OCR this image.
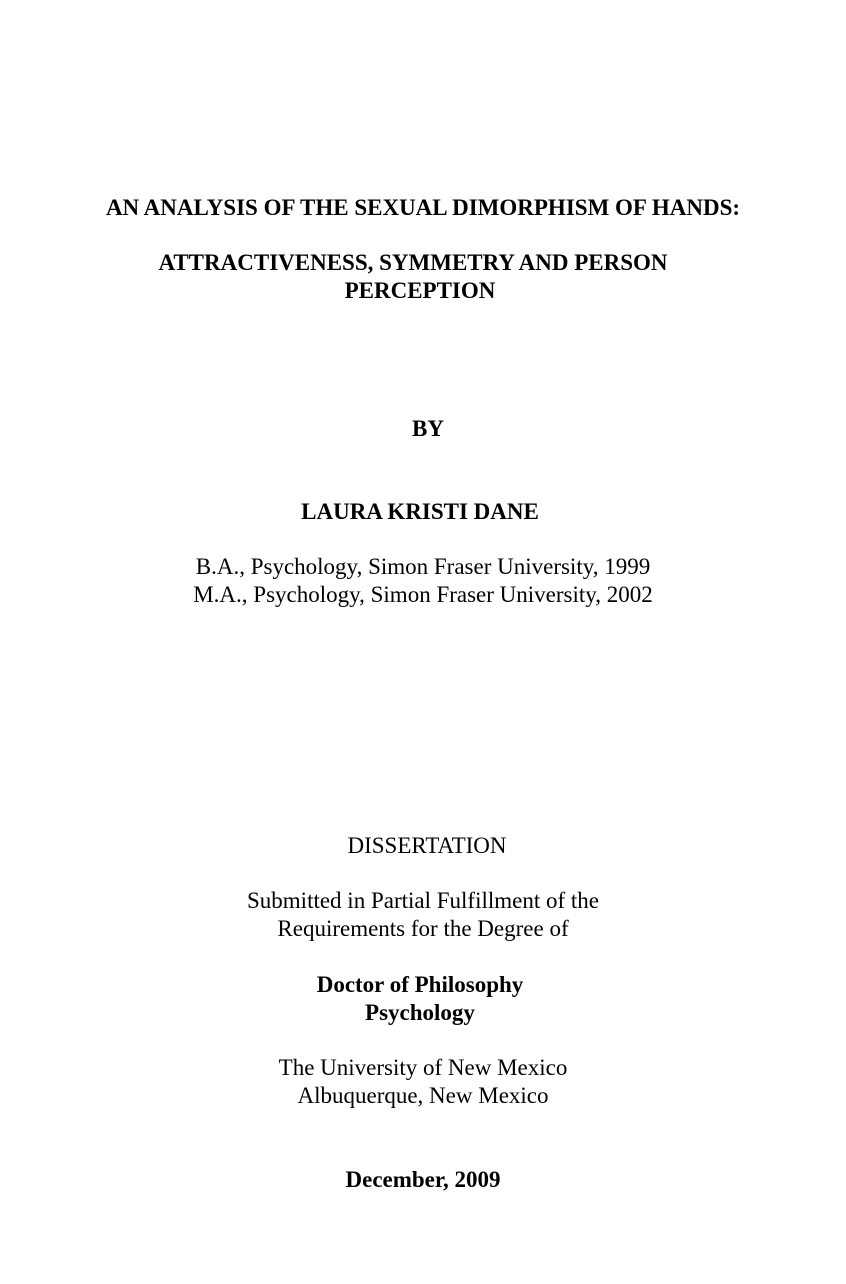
AN ANALYSIS OF THE SEXUAL DIMORPHISM OF HANDS:
ATTRACTIVENESS, SYMMETRY AND PERSON
PERCEPTION
BY
LAURA KRISTI DANE
B.A., Psychology, Simon Fraser University, 1999
M.A., Psychology, Simon Fraser University, 2002
DISSERTATION
Submitted in Partial Fulfillment of the
Requirements for the Degree of
Doctor of Philosophy
Psychology
The University of New Mexico
Albuquerque, New Mexico
December, 2009
